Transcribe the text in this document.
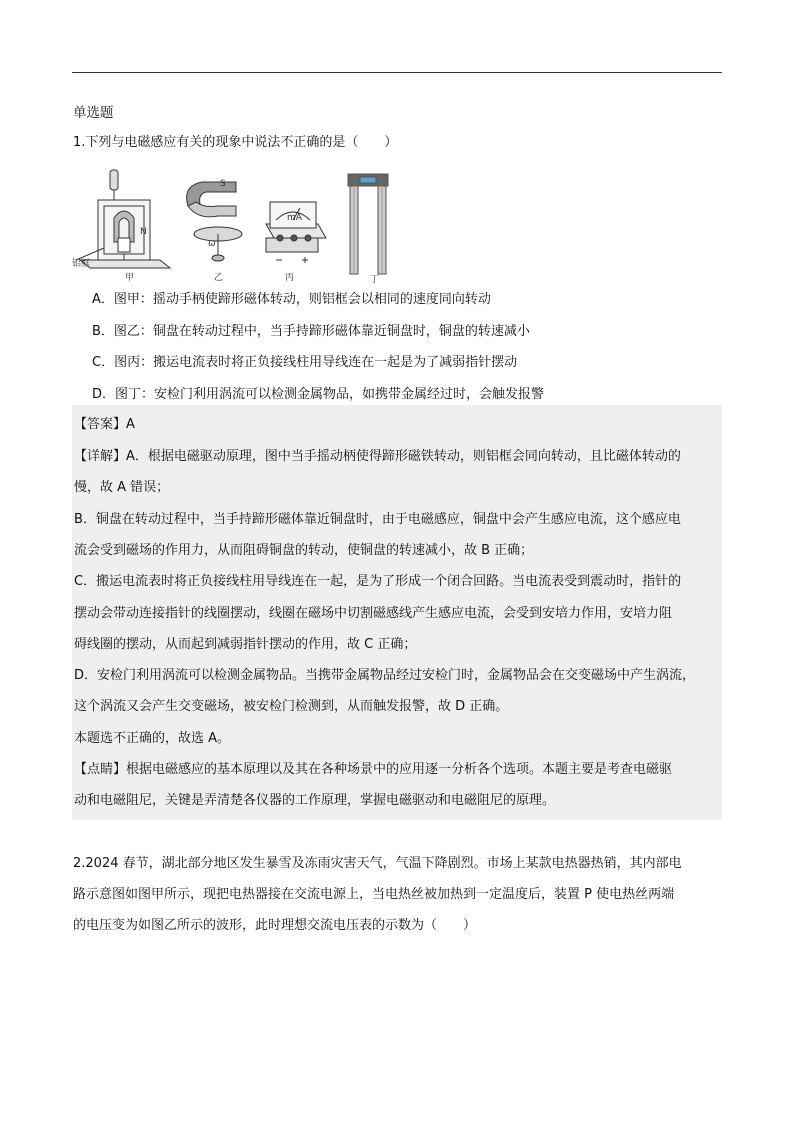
单选题
1.下列与电磁感应有关的现象中说法不正确的是（　　）
铝框
甲
N
S
ω
乙
mA
丙	丁
A．图甲：摇动手柄使蹄形磁体转动，则铝框会以相同的速度同向转动
B．图乙：铜盘在转动过程中，当手持蹄形磁体靠近铜盘时，铜盘的转速减小
C．图丙：搬运电流表时将正负接线柱用导线连在一起是为了减弱指针摆动
D．图丁：安检门利用涡流可以检测金属物品，如携带金属经过时，会触发报警
【答案】A
【详解】A．根据电磁驱动原理，图中当手摇动柄使得蹄形磁铁转动，则铝框会同向转动，且比磁体转动的
慢，故 A 错误；
B．铜盘在转动过程中，当手持蹄形磁体靠近铜盘时，由于电磁感应，铜盘中会产生感应电流，这个感应电
流会受到磁场的作用力，从而阻碍铜盘的转动，使铜盘的转速减小，故 B 正确；
C．搬运电流表时将正负接线柱用导线连在一起，是为了形成一个闭合回路。当电流表受到震动时，指针的
摆动会带动连接指针的线圈摆动，线圈在磁场中切割磁感线产生感应电流，会受到安培力作用，安培力阻
碍线圈的摆动，从而起到减弱指针摆动的作用，故 C 正确；
D．安检门利用涡流可以检测金属物品。当携带金属物品经过安检门时，金属物品会在交变磁场中产生涡流，
这个涡流又会产生交变磁场，被安检门检测到，从而触发报警，故 D 正确。
本题选不正确的，故选 A。
【点睛】根据电磁感应的基本原理以及其在各种场景中的应用逐一分析各个选项。本题主要是考查电磁驱
动和电磁阻尼，关键是弄清楚各仪器的工作原理，掌握电磁驱动和电磁阻尼的原理。
2.2024 春节，湖北部分地区发生暴雪及冻雨灾害天气，气温下降剧烈。市场上某款电热器热销，其内部电
路示意图如图甲所示，现把电热器接在交流电源上，当电热丝被加热到一定温度后，装置 P 使电热丝两端
的电压变为如图乙所示的波形，此时理想交流电压表的示数为（　　）
